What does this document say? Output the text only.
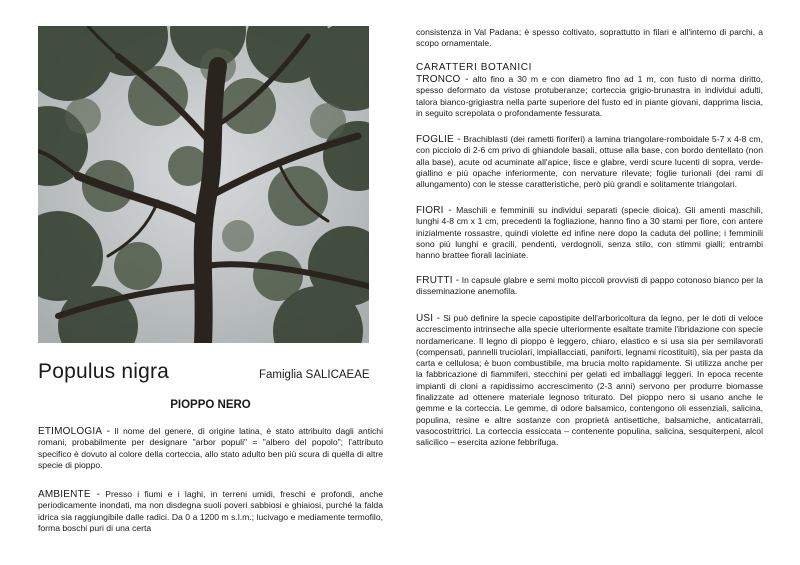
Populus nigra	Famiglia SALICAEAE
PIOPPO NERO

ETIMOLOGIA - Il nome del genere, di origine latina, è stato attribuito dagli antichi romani, probabilmente per designare "arbor populi" = "albero del popolo"; l'attributo specifico è dovuto al colore della corteccia, allo stato adulto ben più scura di quella di altre specie di pioppo.

AMBIENTE - Presso i fiumi e i laghi, in terreni umidi, freschi e profondi, anche periodicamente inondati, ma non disdegna suoli poveri sabbiosi e ghiaiosi, purché la falda idrica sia raggiungibile dalle radici. Da 0 a 1200 m s.l.m.; lucivago e mediamente termofilo, forma boschi puri di una certa

consistenza in Val Padana; è spesso coltivato, soprattutto in filari e all'interno di parchi, a scopo ornamentale.

CARATTERI BOTANICI

TRONCO - alto fino a 30 m e con diametro fino ad 1 m, con fusto di norma diritto, spesso deformato da vistose protuberanze; corteccia grigio-brunastra in individui adulti, talora bianco-grigiastra nella parte superiore del fusto ed in piante giovani, dapprima liscia, in seguito screpolata o profondamente fessurata.

FOGLIE - Brachiblasti (dei rametti fioriferi) a lamina triangolare-romboidale 5-7 x 4-8 cm, con picciolo di 2-6 cm privo di ghiandole basali, ottuse alla base, con bordo dentellato (non alla base), acute od acuminate all'apice, lisce e glabre, verdi scure lucenti di sopra, verde-giallino e più opache inferiormente, con nervature rilevate; foglie turionali (dei rami di allungamento) con le stesse caratteristiche, però più grandi e solitamente triangolari.

FIORI - Maschili e femminili su individui separati (specie dioica). Gli amenti maschili, lunghi 4-8 cm x 1 cm, precedenti la fogliazione, hanno fino a 30 stami per fiore, con antere inizialmente rossastre, quindi violette ed infine nere dopo la caduta del polline; i femminili sono più lunghi e gracili, pendenti, verdognoli, senza stilo, con stimmi gialli; entrambi hanno brattee fiorali laciniate.

FRUTTI - In capsule glabre e semi molto piccoli provvisti di pappo cotonoso bianco per la disseminazione anemofila.

USI - Si può definire la specie capostipite dell'arboricoltura da legno, per le doti di veloce accrescimento intrinseche alla specie ulteriormente esaltate tramite l'ibridazione con specie nordamericane. Il legno di pioppo è leggero, chiaro, elastico e si usa sia per semilavorati (compensati, pannelli truciolari, impiallacciati, paniforti, legnami ricostituiti), sia per pasta da carta e cellulosa; è buon combustibile, ma brucia molto rapidamente. Si utilizza anche per la fabbricazione di fiammiferi, stecchini per gelati ed imballaggi leggeri. In epoca recente impianti di cloni a rapidissimo accrescimento (2-3 anni) servono per produrre biomasse finalizzate ad ottenere materiale legnoso triturato. Del pioppo nero si usano anche le gemme e la corteccia. Le gemme, di odore balsamico, contengono oli essenziali, salicina, populina, resine e altre sostanze con proprietà antisettiche, balsamiche, anticatarrali, vasocostrittrici. La corteccia essiccata – contenente populina, salicina, sesquiterpeni, alcol salicilico – esercita azione febbrifuga.
